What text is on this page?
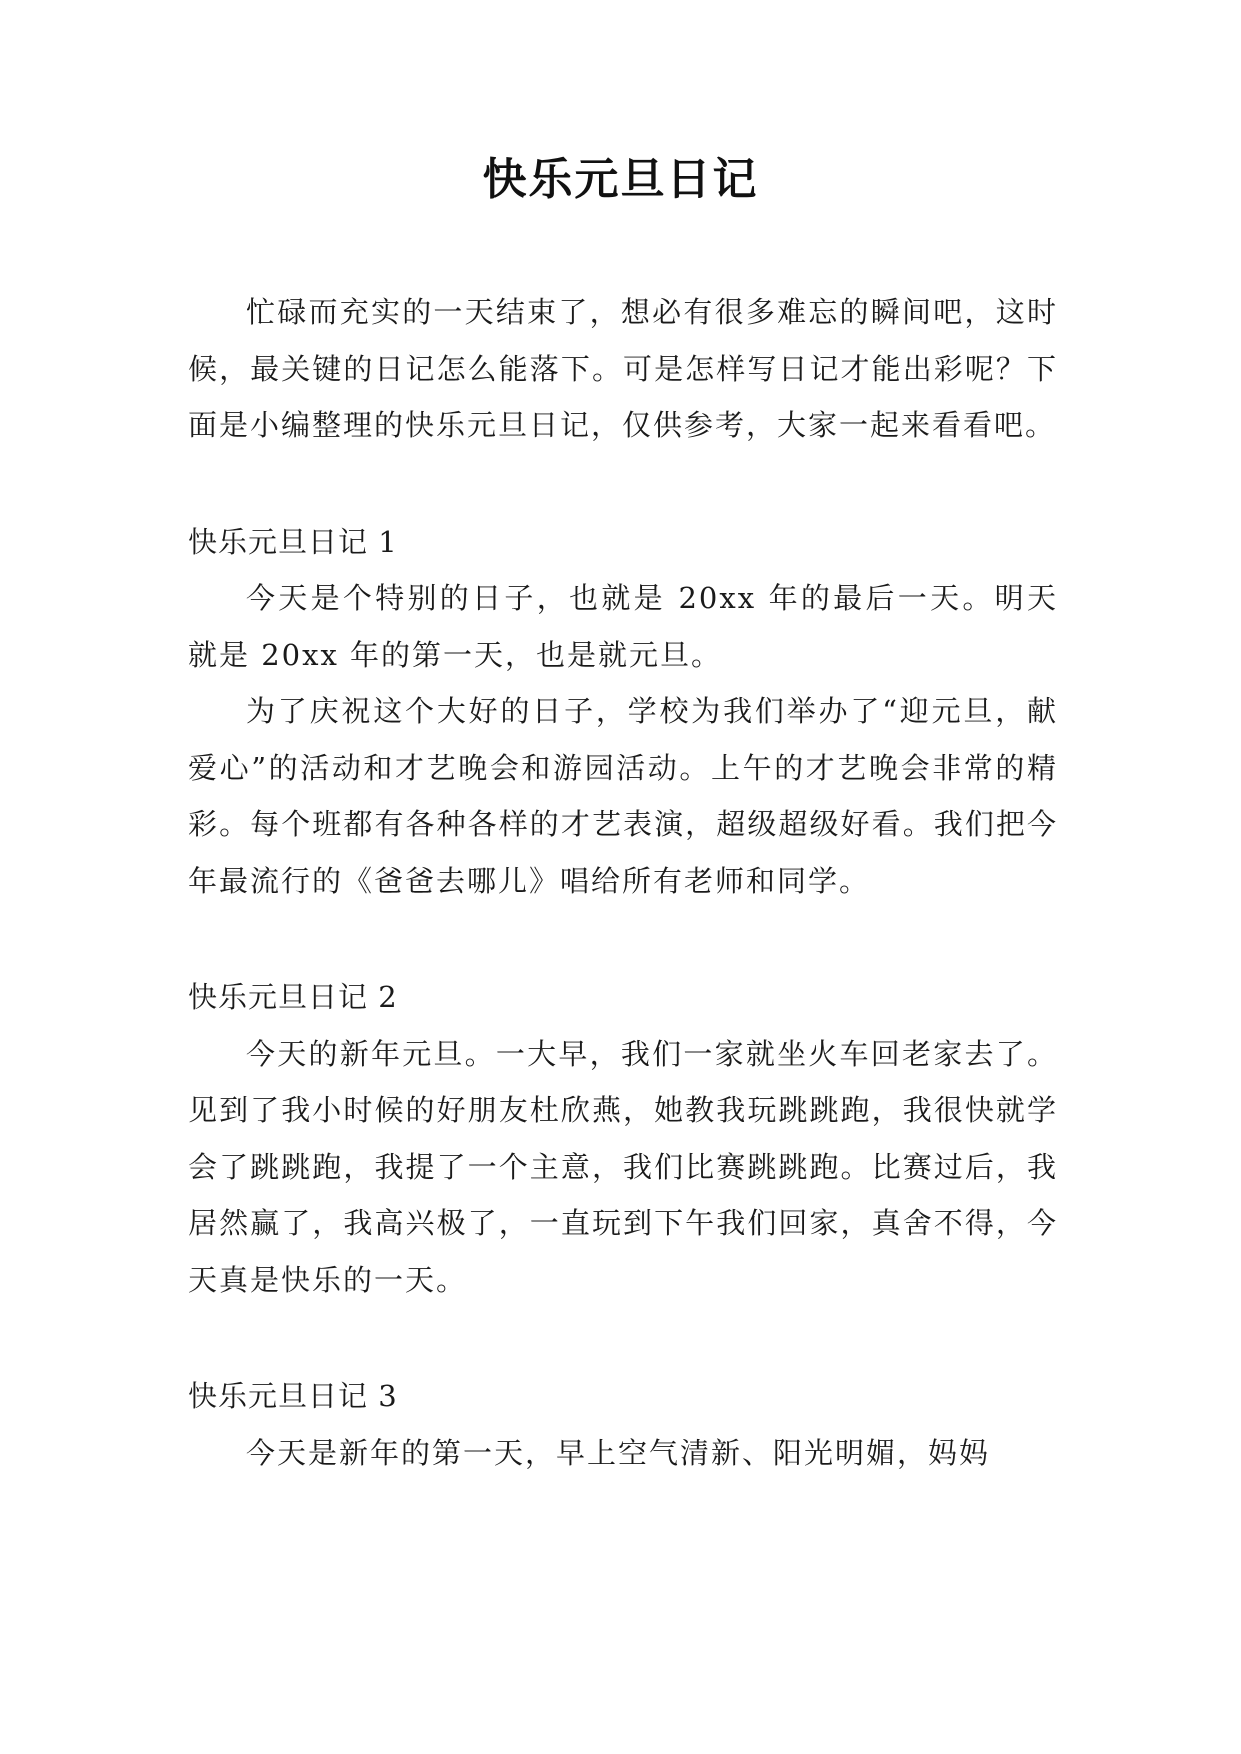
快乐元旦日记

忙碌而充实的一天结束了，想必有很多难忘的瞬间吧，这时候，最关键的日记怎么能落下。可是怎样写日记才能出彩呢？下面是小编整理的快乐元旦日记，仅供参考，大家一起来看看吧。

快乐元旦日记 1

今天是个特别的日子，也就是 20xx 年的最后一天。明天就是 20xx 年的第一天，也是就元旦。

为了庆祝这个大好的日子，学校为我们举办了“迎元旦，献爱心”的活动和才艺晚会和游园活动。上午的才艺晚会非常的精彩。每个班都有各种各样的才艺表演，超级超级好看。我们把今年最流行的《爸爸去哪儿》唱给所有老师和同学。

快乐元旦日记 2

今天的新年元旦。一大早，我们一家就坐火车回老家去了。见到了我小时候的好朋友杜欣燕，她教我玩跳跳跑，我很快就学会了跳跳跑，我提了一个主意，我们比赛跳跳跑。比赛过后，我居然赢了，我高兴极了，一直玩到下午我们回家，真舍不得，今天真是快乐的一天。

快乐元旦日记 3

今天是新年的第一天，早上空气清新、阳光明媚，妈妈
